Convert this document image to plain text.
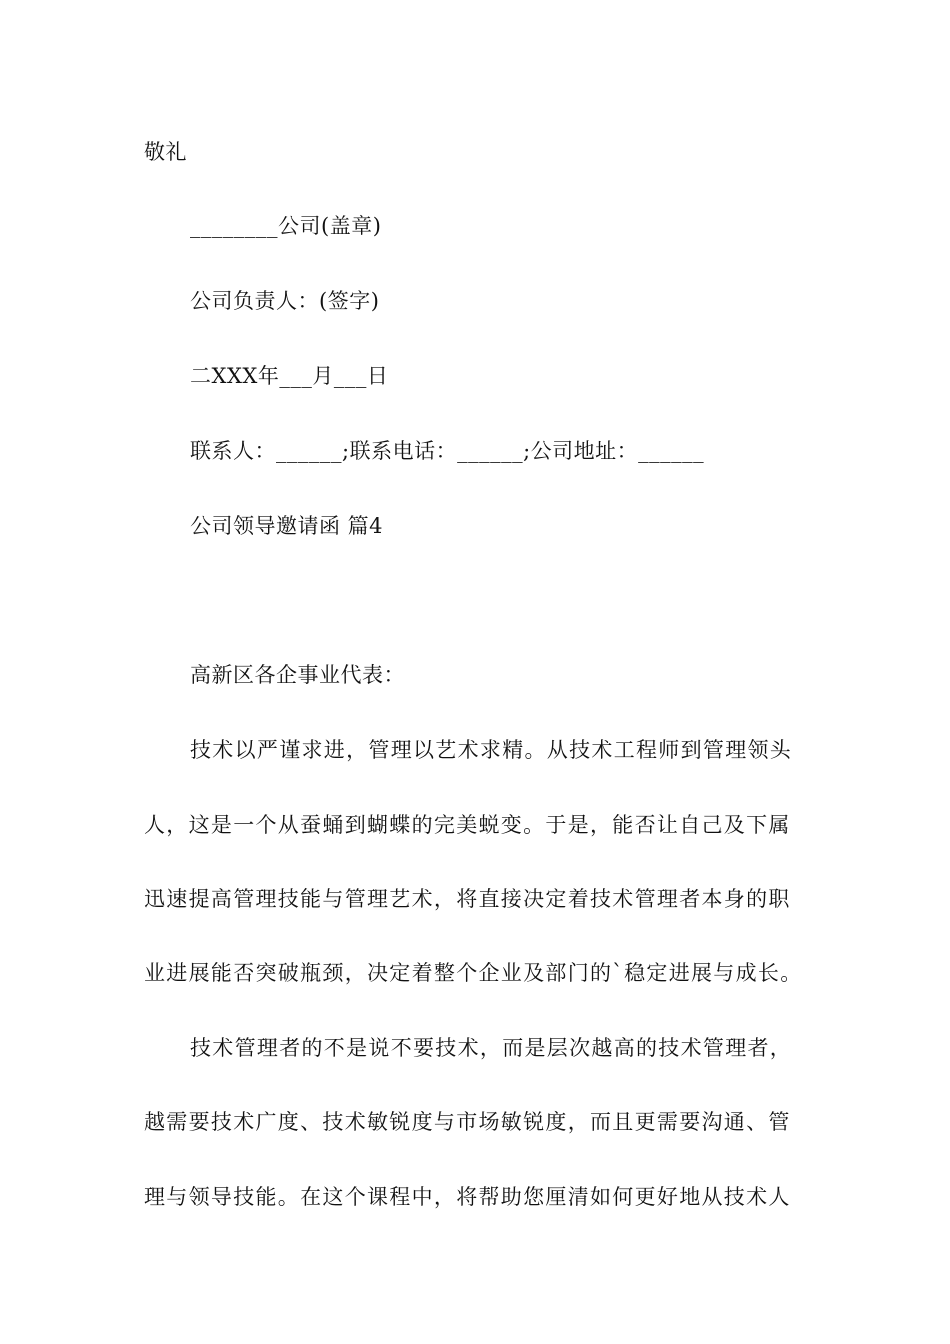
敬礼
________公司(盖章)
公司负责人：(签字)
二XXX年___月___日
联系人：______;联系电话：______;公司地址：______
公司领导邀请函 篇4
高新区各企事业代表：
技术以严谨求进，管理以艺术求精。从技术工程师到管理领头
人，这是一个从蚕蛹到蝴蝶的完美蜕变。于是，能否让自己及下属
迅速提高管理技能与管理艺术，将直接决定着技术管理者本身的职
业进展能否突破瓶颈，决定着整个企业及部门的`稳定进展与成长。
技术管理者的不是说不要技术，而是层次越高的技术管理者，
越需要技术广度、技术敏锐度与市场敏锐度，而且更需要沟通、管
理与领导技能。在这个课程中，将帮助您厘清如何更好地从技术人
